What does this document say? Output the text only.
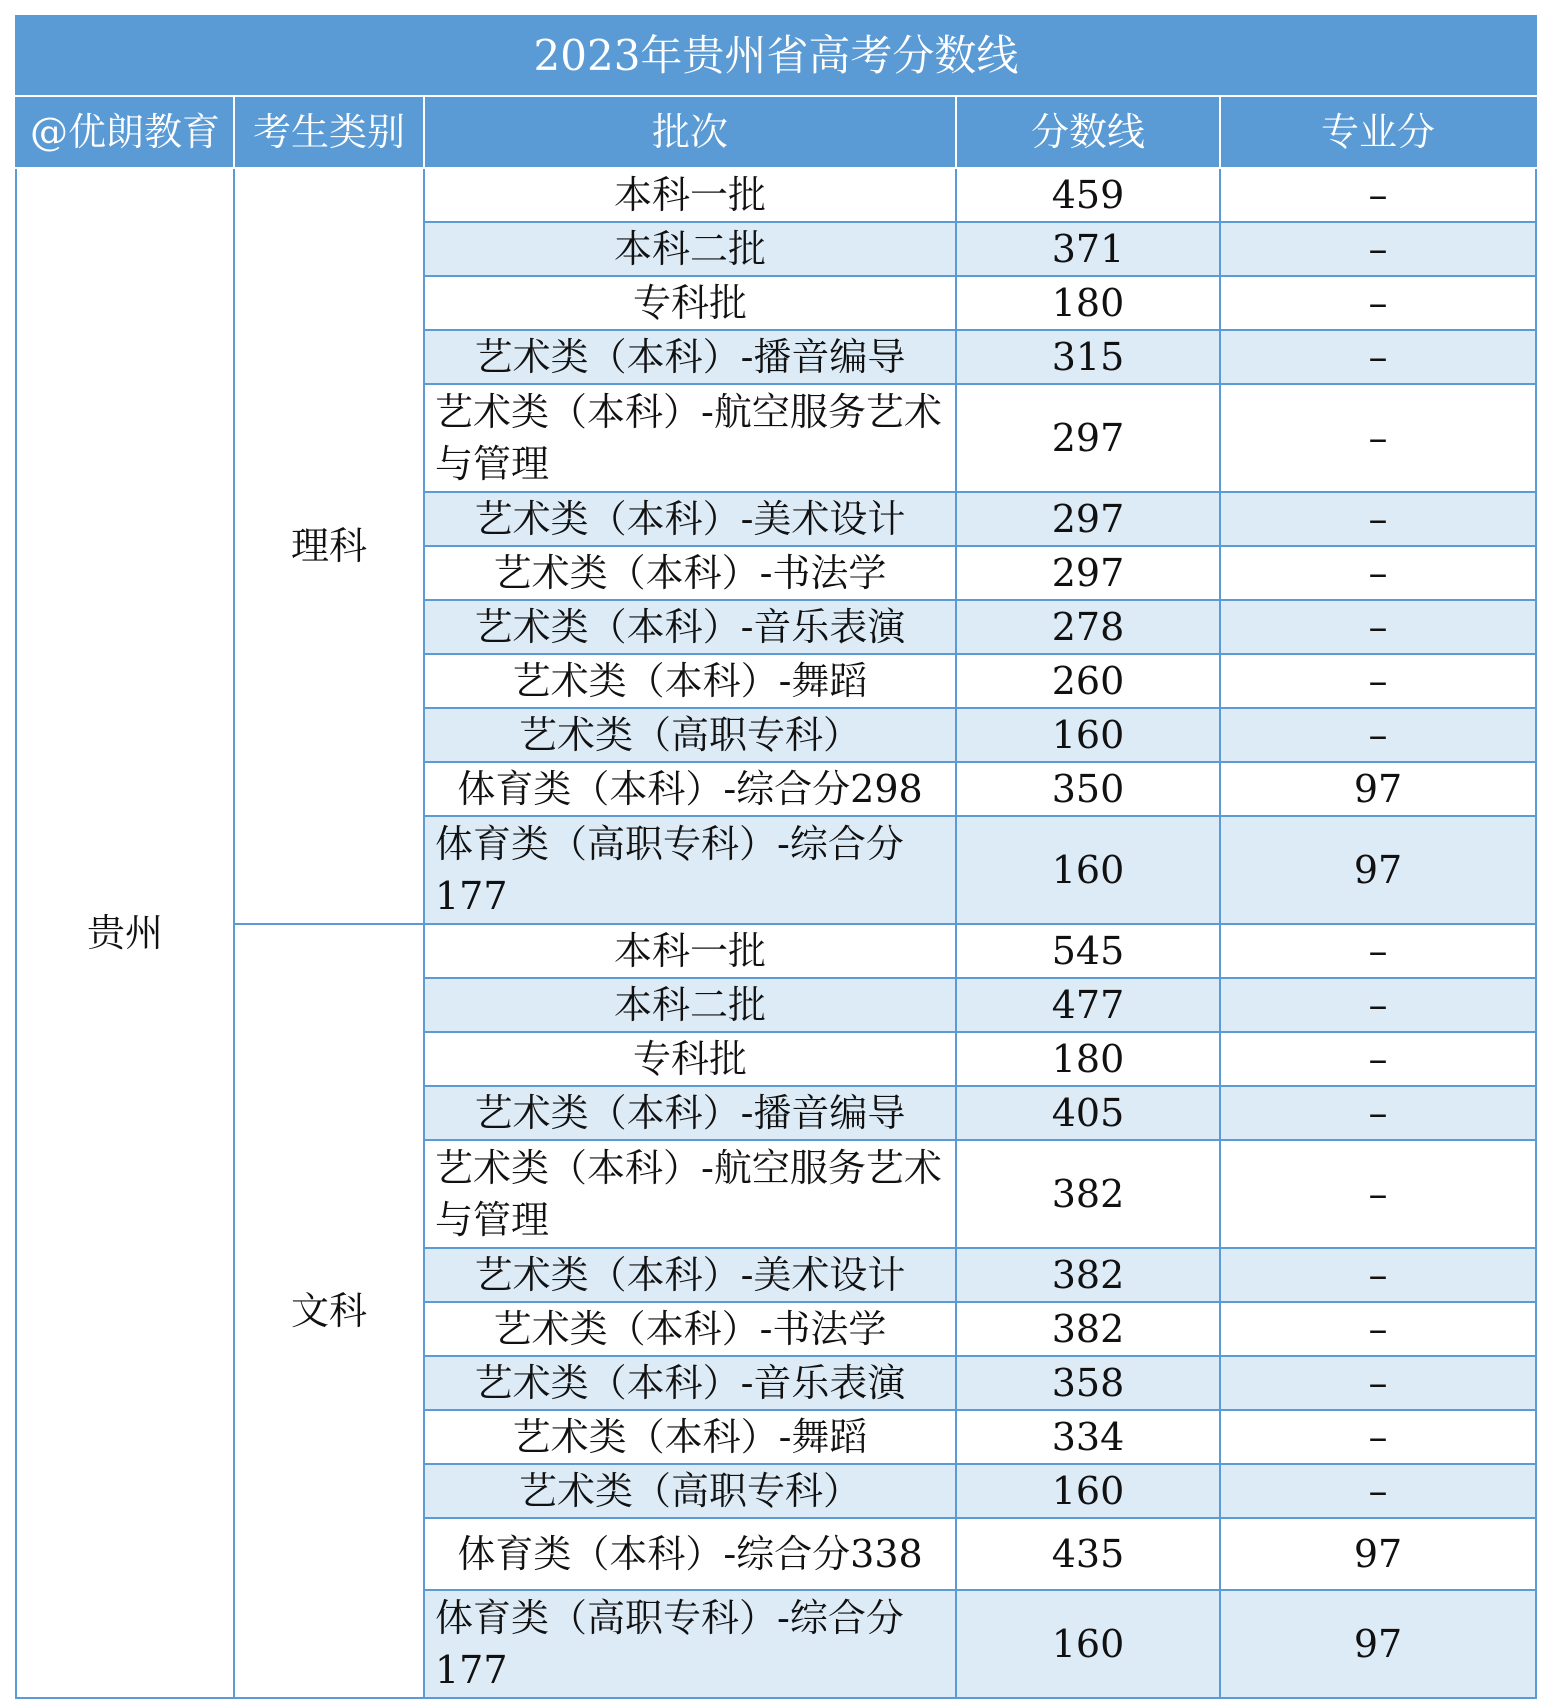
2023年贵州省高考分数线				
@优朗教育	考生类别	批次	分数线	专业分
贵州	理科	本科一批	459	–
		本科二批	371	–
		专科批	180	–
		艺术类（本科）-播音编导	315	–
		艺术类（本科）-航空服务艺术与管理	297	–
		艺术类（本科）-美术设计	297	–
		艺术类（本科）-书法学	297	–
		艺术类（本科）-音乐表演	278	–
		艺术类（本科）-舞蹈	260	–
		艺术类（高职专科）	160	–
		体育类（本科）-综合分298	350	97
		体育类（高职专科）-综合分177	160	97
	文科	本科一批	545	–
		本科二批	477	–
		专科批	180	–
		艺术类（本科）-播音编导	405	–
		艺术类（本科）-航空服务艺术与管理	382	–
		艺术类（本科）-美术设计	382	–
		艺术类（本科）-书法学	382	–
		艺术类（本科）-音乐表演	358	–
		艺术类（本科）-舞蹈	334	–
		艺术类（高职专科）	160	–
		体育类（本科）-综合分338	435	97
		体育类（高职专科）-综合分177	160	97
